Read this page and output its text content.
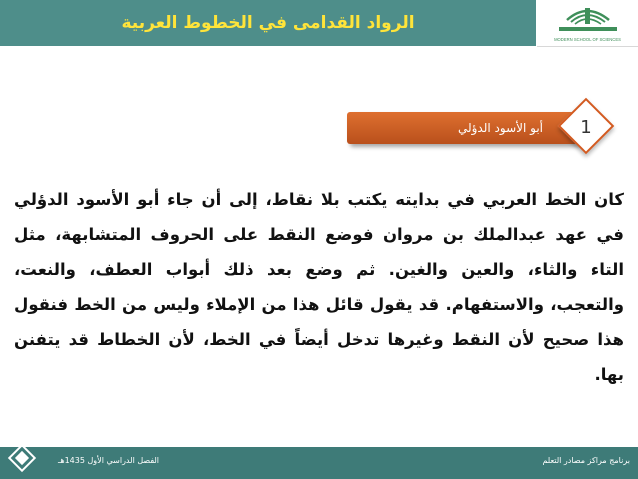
الرواد القدامى في الخطوط العربية
MODERN SCHOOL OF SCIENCES
أبو الأسود الدؤلي	1
كان الخط العربي في بدايته يكتب بلا نقاط، إلى أن جاء أبو الأسود الدؤلي في عهد عبدالملك بن مروان فوضع النقط على الحروف المتشابهة، مثل التاء والثاء، والعين والغين. ثم وضع بعد ذلك أبواب العطف، والنعت، والتعجب، والاستفهام. قد يقول قائل هذا من الإملاء وليس من الخط فنقول هذا صحيح لأن النقط وغيرها تدخل أيضاً في الخط، لأن الخطاط قد يتفنن بها.
الفصل الدراسي الأول 1435هـ	برنامج مراكز مصادر التعلم
